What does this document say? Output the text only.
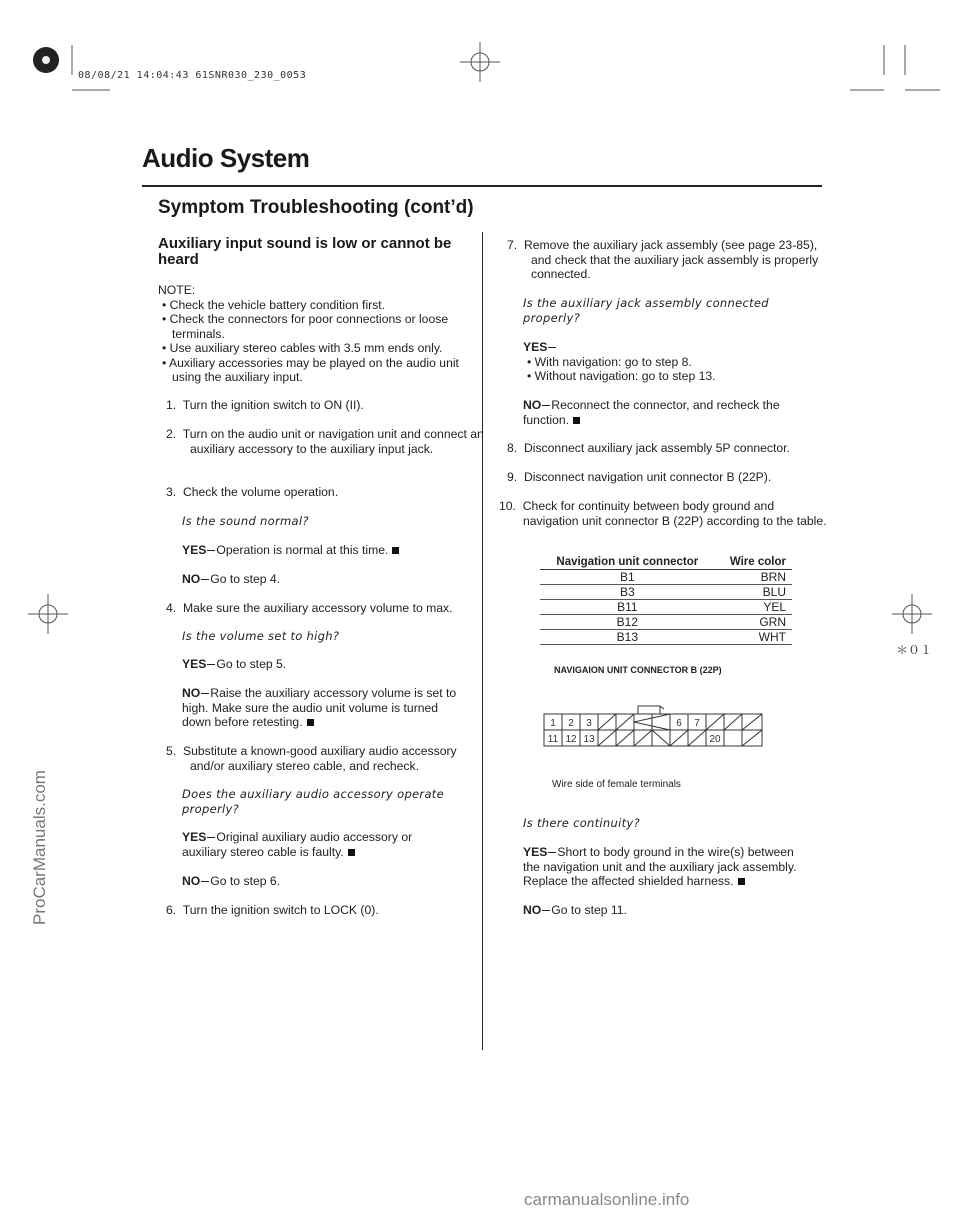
08/08/21 14:04:43 61SNR030_230_0053
Audio System
Symptom Troubleshooting (cont’d)
ProCarManuals.com
＊０１
Auxiliary input sound is low or cannot be heard
NOTE:
• Check the vehicle battery condition first.
• Check the connectors for poor connections or loose terminals.
• Use auxiliary stereo cables with 3.5 mm ends only.
• Auxiliary accessories may be played on the audio unit using the auxiliary input.
1. Turn the ignition switch to ON (II).
2. Turn on the audio unit or navigation unit and connect an auxiliary accessory to the auxiliary input jack.
3. Check the volume operation.
Is the sound normal?
YES Operation is normal at this time.
NO Go to step 4.
4. Make sure the auxiliary accessory volume to max.
Is the volume set to high?
YES Go to step 5.
NO Raise the auxiliary accessory volume is set to high. Make sure the audio unit volume is turned down before retesting.
5. Substitute a known-good auxiliary audio accessory and/or auxiliary stereo cable, and recheck.
Does the auxiliary audio accessory operate properly?
YES Original auxiliary audio accessory or auxiliary stereo cable is faulty.
NO Go to step 6.
6. Turn the ignition switch to LOCK (0).
7. Remove the auxiliary jack assembly (see page 23-85), and check that the auxiliary jack assembly is properly connected.
Is the auxiliary jack assembly connected properly?
YES
• With navigation: go to step 8.
• Without navigation: go to step 13.
NO Reconnect the connector, and recheck the function.
8. Disconnect auxiliary jack assembly 5P connector.
9. Disconnect navigation unit connector B (22P).
10. Check for continuity between body ground and navigation unit connector B (22P) according to the table.
Navigation unit connector	Wire color
B1	BRN
B3	BLU
B11	YEL
B12	GRN
B13	WHT
NAVIGAION UNIT CONNECTOR B (22P)
1 2 3	6 7
11 12 13	20
Wire side of female terminals
Is there continuity?
YES Short to body ground in the wire(s) between the navigation unit and the auxiliary jack assembly. Replace the affected shielded harness.
NO Go to step 11.
carmanualsonline.info
